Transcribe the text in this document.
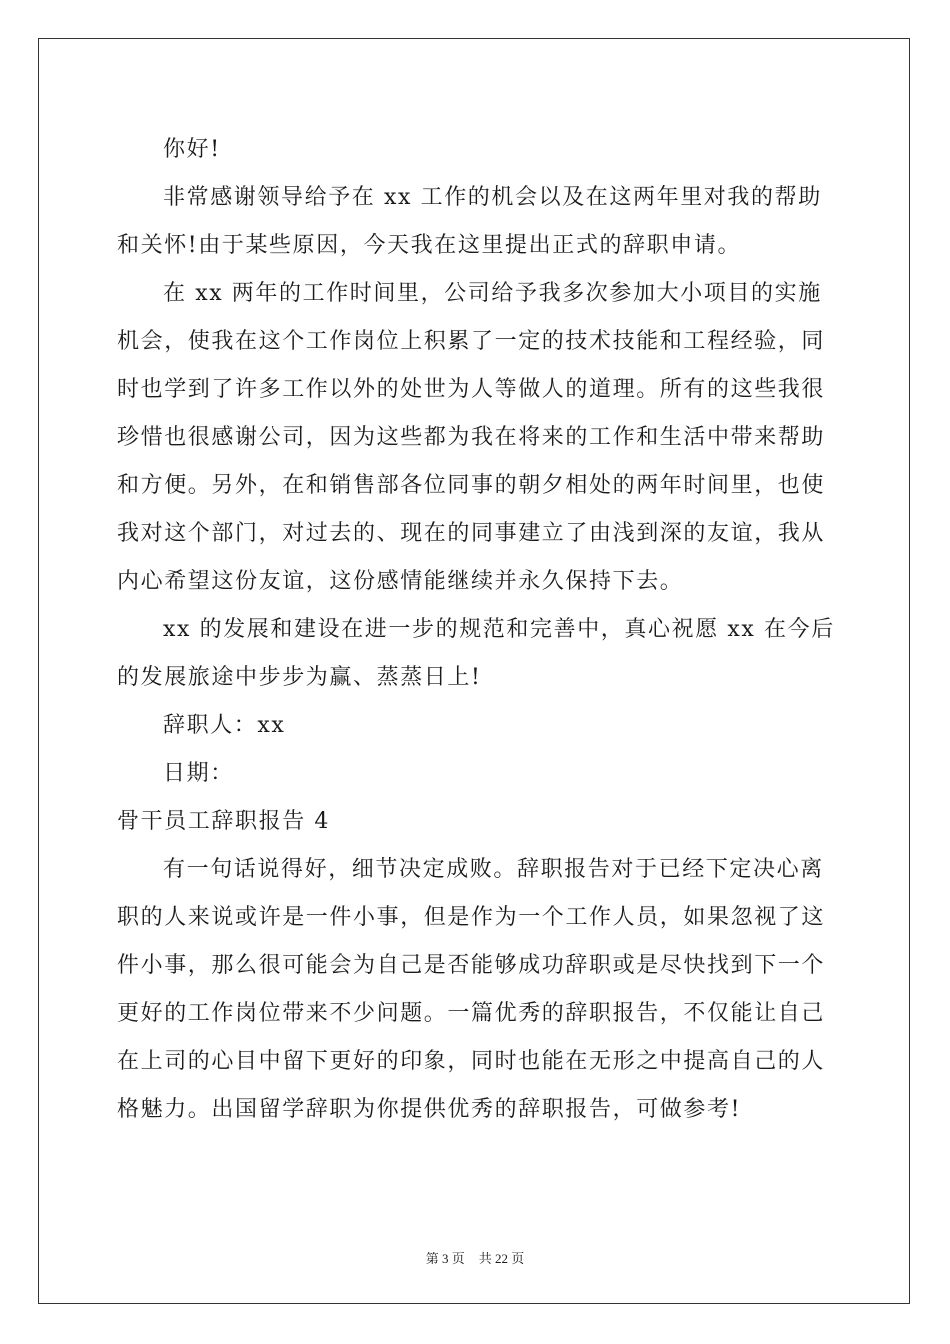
你好!
非常感谢领导给予在 xx 工作的机会以及在这两年里对我的帮助
和关怀!由于某些原因，今天我在这里提出正式的辞职申请。
在 xx 两年的工作时间里，公司给予我多次参加大小项目的实施
机会，使我在这个工作岗位上积累了一定的技术技能和工程经验，同
时也学到了许多工作以外的处世为人等做人的道理。所有的这些我很
珍惜也很感谢公司，因为这些都为我在将来的工作和生活中带来帮助
和方便。另外，在和销售部各位同事的朝夕相处的两年时间里，也使
我对这个部门，对过去的、现在的同事建立了由浅到深的友谊，我从
内心希望这份友谊，这份感情能继续并永久保持下去。
xx 的发展和建设在进一步的规范和完善中，真心祝愿 xx 在今后
的发展旅途中步步为赢、蒸蒸日上!
辞职人：xx
日期：
骨干员工辞职报告 4
有一句话说得好，细节决定成败。辞职报告对于已经下定决心离
职的人来说或许是一件小事，但是作为一个工作人员，如果忽视了这
件小事，那么很可能会为自己是否能够成功辞职或是尽快找到下一个
更好的工作岗位带来不少问题。一篇优秀的辞职报告，不仅能让自己
在上司的心目中留下更好的印象，同时也能在无形之中提高自己的人
格魅力。出国留学辞职为你提供优秀的辞职报告，可做参考!
第 3 页 共 22 页
